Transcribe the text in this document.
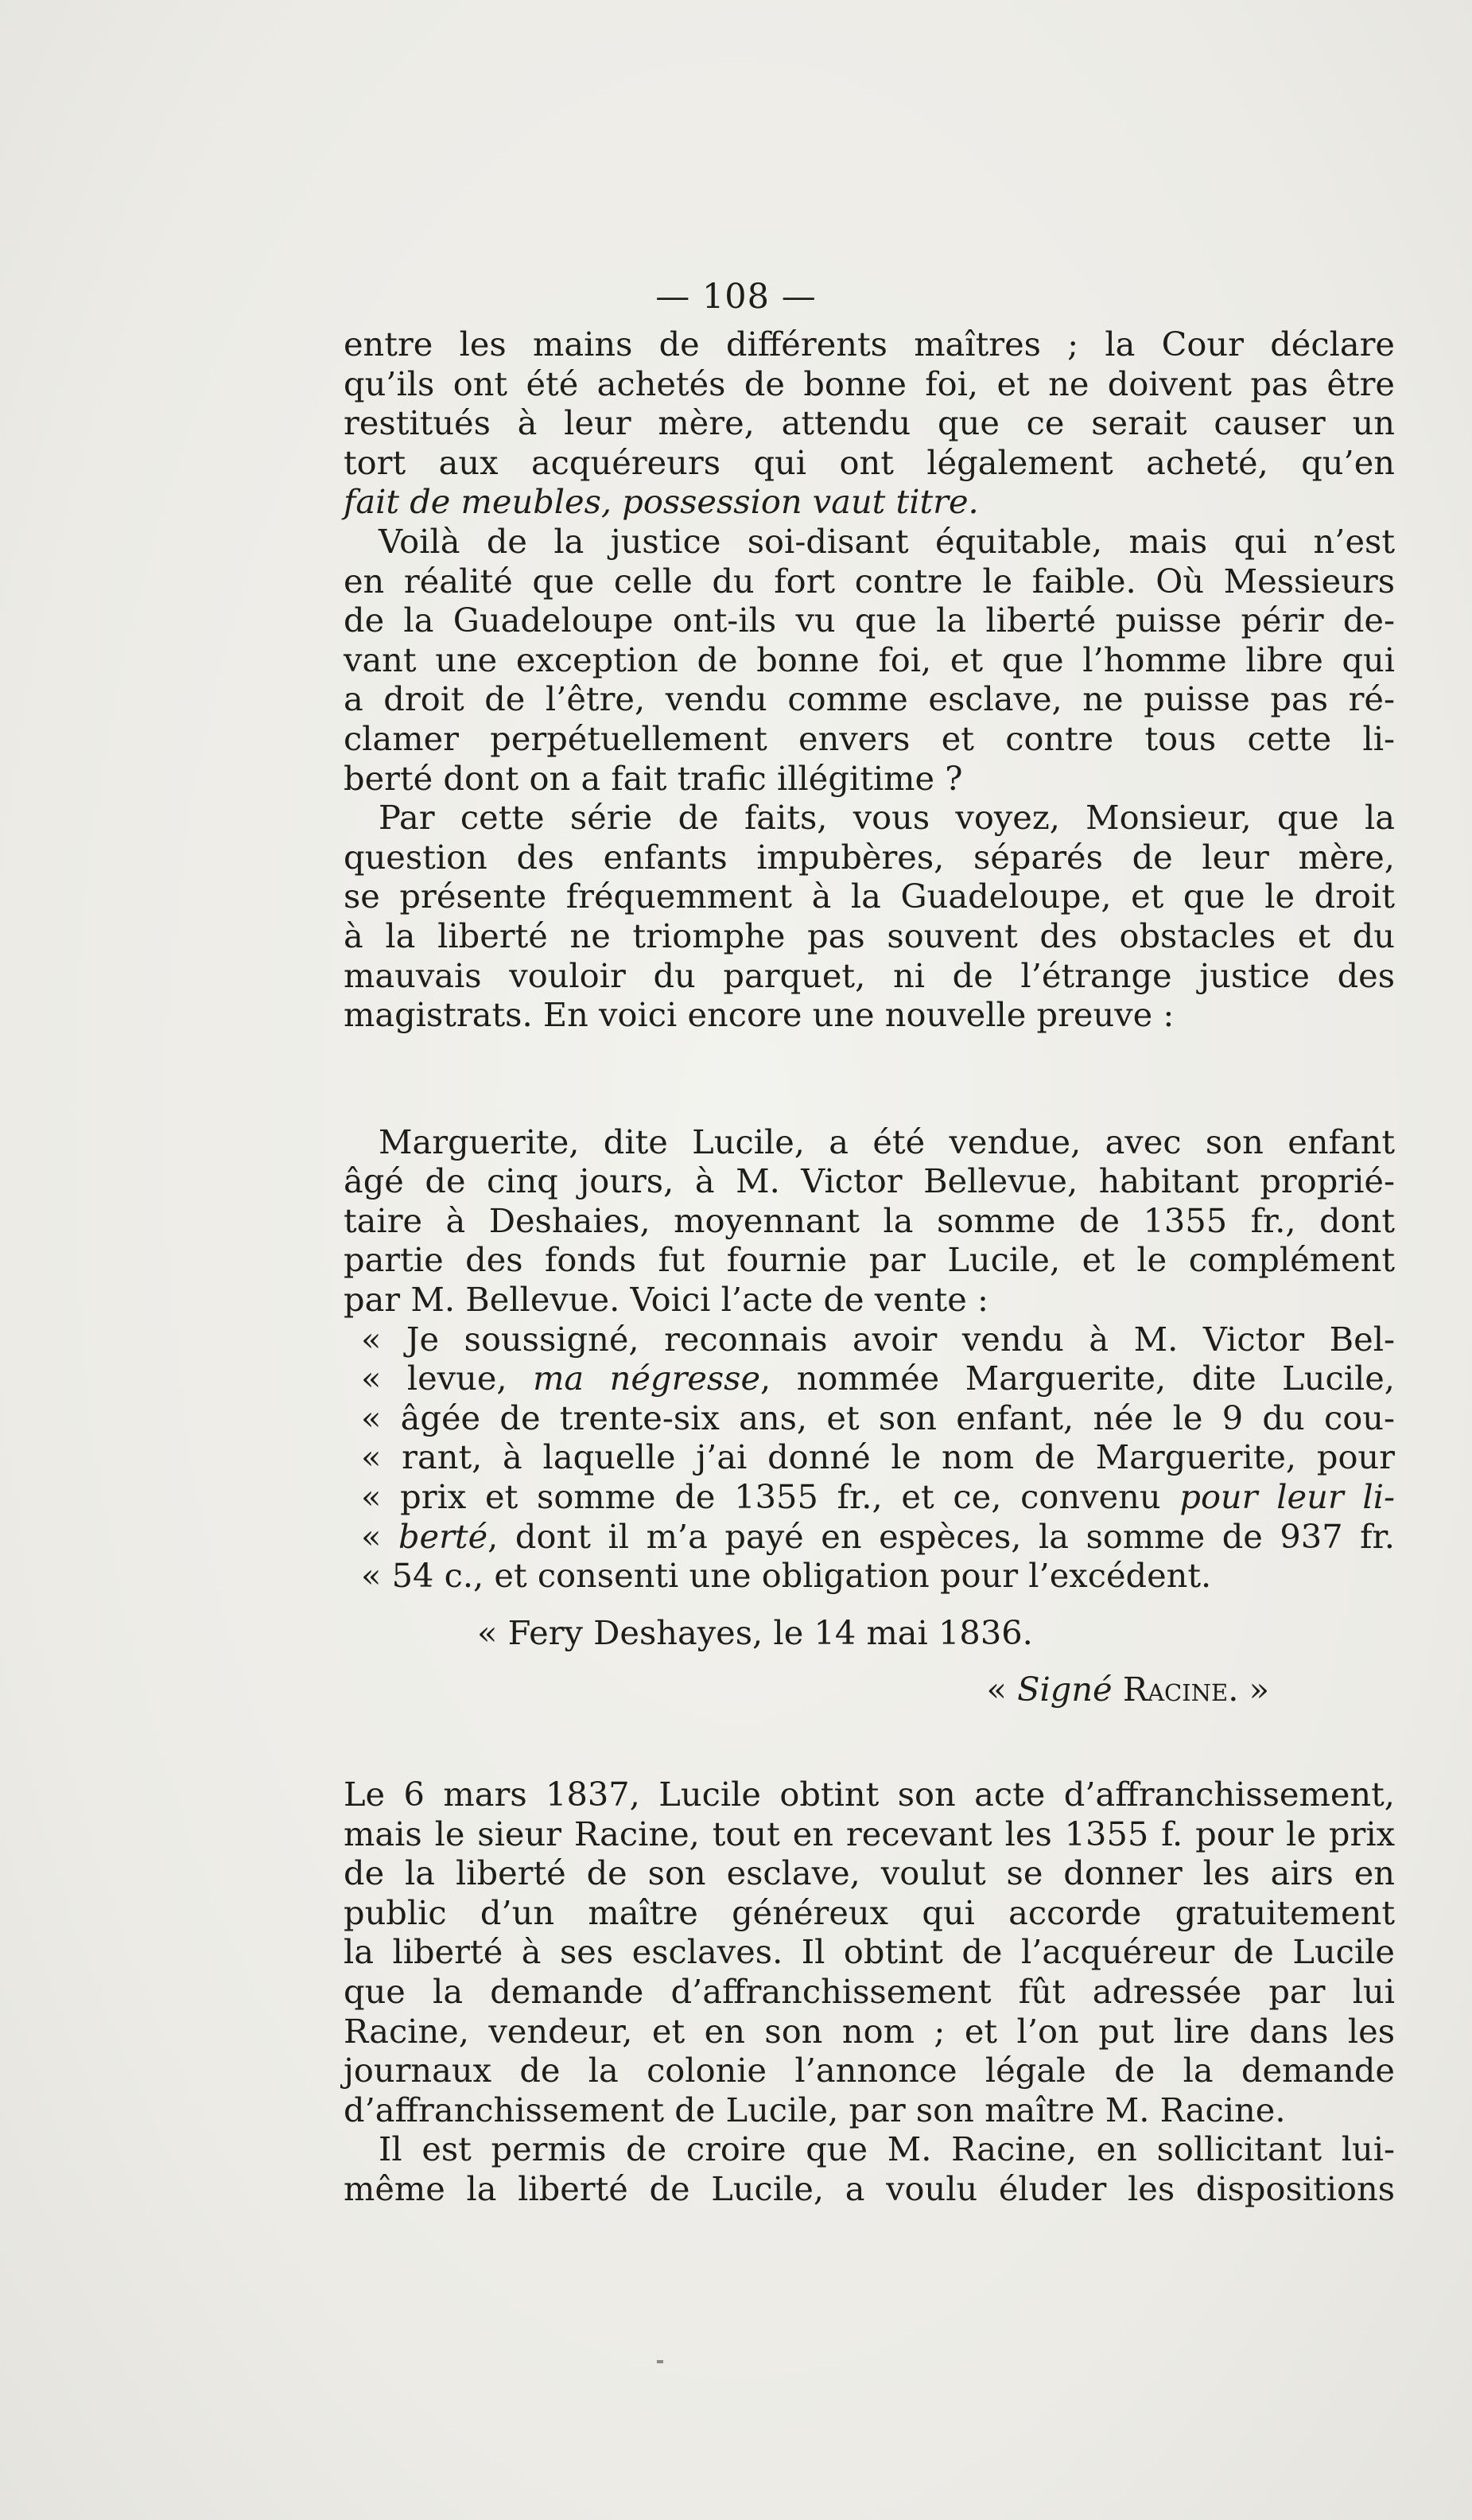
— 108 —
entre les mains de différents maîtres ; la Cour déclare
qu’ils ont été achetés de bonne foi, et ne doivent pas être
restitués à leur mère, attendu que ce serait causer un
tort aux acquéreurs qui ont légalement acheté, qu’en
fait de meubles, possession vaut titre.
Voilà de la justice soi-disant équitable, mais qui n’est
en réalité que celle du fort contre le faible. Où Messieurs
de la Guadeloupe ont-ils vu que la liberté puisse périr de-
vant une exception de bonne foi, et que l’homme libre qui
a droit de l’être, vendu comme esclave, ne puisse pas ré-
clamer perpétuellement envers et contre tous cette li-
berté dont on a fait trafic illégitime ?
Par cette série de faits, vous voyez, Monsieur, que la
question des enfants impubères, séparés de leur mère,
se présente fréquemment à la Guadeloupe, et que le droit
à la liberté ne triomphe pas souvent des obstacles et du
mauvais vouloir du parquet, ni de l’étrange justice des
magistrats. En voici encore une nouvelle preuve :
Marguerite, dite Lucile, a été vendue, avec son enfant
âgé de cinq jours, à M. Victor Bellevue, habitant proprié-
taire à Deshaies, moyennant la somme de 1355 fr., dont
partie des fonds fut fournie par Lucile, et le complément
par M. Bellevue. Voici l’acte de vente :
« Je soussigné, reconnais avoir vendu à M. Victor Bel-
« levue, ma négresse, nommée Marguerite, dite Lucile,
« âgée de trente-six ans, et son enfant, née le 9 du cou-
« rant, à laquelle j’ai donné le nom de Marguerite, pour
« prix et somme de 1355 fr., et ce, convenu pour leur li-
« berté, dont il m’a payé en espèces, la somme de 937 fr.
« 54 c., et consenti une obligation pour l’excédent.
« Fery Deshayes, le 14 mai 1836.
« Signé Racine. »
Le 6 mars 1837, Lucile obtint son acte d’affranchissement,
mais le sieur Racine, tout en recevant les 1355 f. pour le prix
de la liberté de son esclave, voulut se donner les airs en
public d’un maître généreux qui accorde gratuitement
la liberté à ses esclaves. Il obtint de l’acquéreur de Lucile
que la demande d’affranchissement fût adressée par lui
Racine, vendeur, et en son nom ; et l’on put lire dans les
journaux de la colonie l’annonce légale de la demande
d’affranchissement de Lucile, par son maître M. Racine.
Il est permis de croire que M. Racine, en sollicitant lui-
même la liberté de Lucile, a voulu éluder les dispositions
